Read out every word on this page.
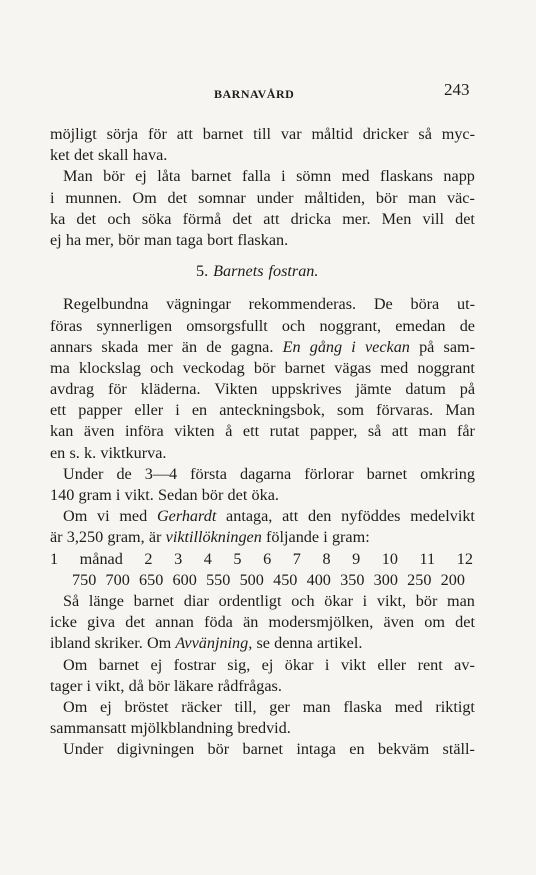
BARNAVÅRD	243
möjligt sörja för att barnet till var måltid dricker så myc-
ket det skall hava.
Man bör ej låta barnet falla i sömn med flaskans napp
i munnen. Om det somnar under måltiden, bör man väc-
ka det och söka förmå det att dricka mer. Men vill det
ej ha mer, bör man taga bort flaskan.
5. Barnets fostran.
Regelbundna vägningar rekommenderas. De böra ut-
föras synnerligen omsorgsfullt och noggrant, emedan de
annars skada mer än de gagna. En gång i veckan på sam-
ma klockslag och veckodag bör barnet vägas med noggrant
avdrag för kläderna. Vikten uppskrives jämte datum på
ett papper eller i en anteckningsbok, som förvaras. Man
kan även införa vikten å ett rutat papper, så att man får
en s. k. viktkurva.
Under de 3—4 första dagarna förlorar barnet omkring
140 gram i vikt. Sedan bör det öka.
Om vi med Gerhardt antaga, att den nyföddes medelvikt
är 3,250 gram, är viktillökningen följande i gram:
1 månad 2 3 4 5 6 7 8 9 10 11 12
750 700 650 600 550 500 450 400 350 300 250 200
Så länge barnet diar ordentligt och ökar i vikt, bör man
icke giva det annan föda än modersmjölken, även om det
ibland skriker. Om Avvänjning, se denna artikel.
Om barnet ej fostrar sig, ej ökar i vikt eller rent av-
tager i vikt, då bör läkare rådfrågas.
Om ej bröstet räcker till, ger man flaska med riktigt
sammansatt mjölkblandning bredvid.
Under digivningen bör barnet intaga en bekväm ställ-
